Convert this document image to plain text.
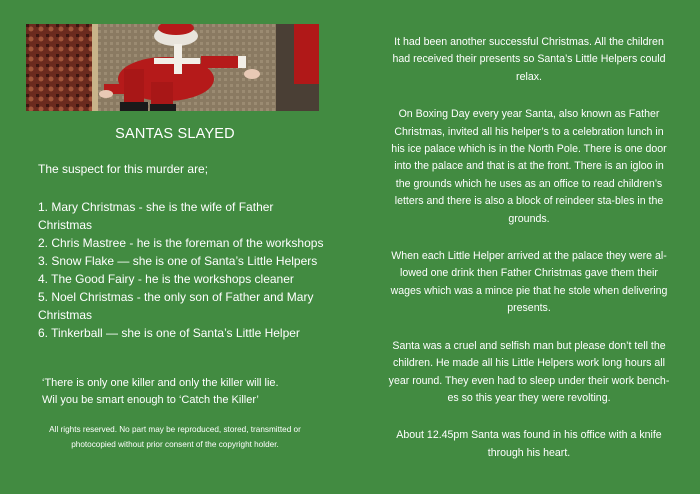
SANTAS SLAYED
The suspect for this murder are;
1. Mary Christmas - she is the wife of Father Christmas
2. Chris Mastree - he is the foreman of the workshops
3. Snow Flake — she is one of Santa’s Little Helpers
4. The Good Fairy - he is the workshops cleaner
5. Noel Christmas - the only son of Father and Mary Christmas
6. Tinkerball — she is one of Santa’s Little Helper
‘There is only one killer and only the killer will lie.
Wil you be smart enough to ‘Catch the Killer’
All rights reserved. No part may be reproduced, stored, transmitted or photocopied without prior consent of the copyright holder.

It had been another successful Christmas. All the children had received their presents so Santa’s Little Helpers could relax.

On Boxing Day every year Santa, also known as Father Christmas, invited all his helper’s to a celebration lunch in his ice palace which is in the North Pole. There is one door into the palace and that is at the front. There is an igloo in the grounds which he uses as an office to read children’s letters and there is also a block of reindeer sta-bles in the grounds.

When each Little Helper arrived at the palace they were al-lowed one drink then Father Christmas gave them their wages which was a mince pie that he stole when delivering presents.

Santa was a cruel and selfish man but please don’t tell the children. He made all his Little Helpers work long hours all year round. They even had to sleep under their work bench-es so this year they were revolting.

About 12.45pm Santa was found in his office with a knife through his heart.
